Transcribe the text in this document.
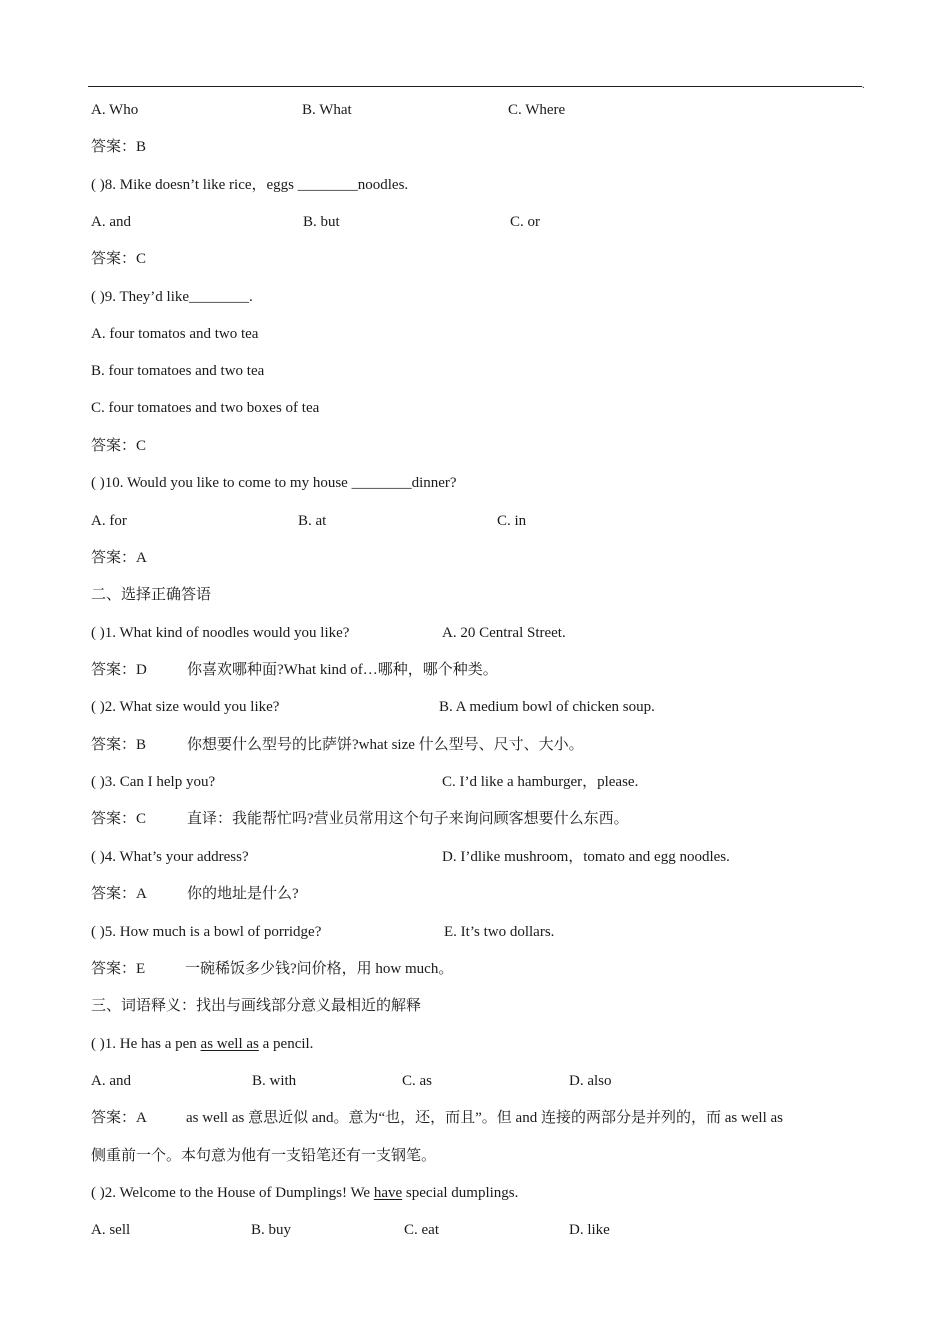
.
A. Who	B. What	C. Where
答案：B
( )8. Mike doesn’t like rice，eggs ________noodles.
A. and	B. but	C. or
答案：C
( )9. They’d like________.
A. four tomatos and two tea
B. four tomatoes and two tea
C. four tomatoes and two boxes of tea
答案：C
( )10. Would you like to come to my house ________dinner?
A. for	B. at	C. in
答案：A
二、选择正确答语
( )1. What kind of noodles would you like?	A. 20 Central Street.
答案：D	你喜欢哪种面?What kind of…哪种，哪个种类。
( )2. What size would you like?	B. A medium bowl of chicken soup.
答案：B	你想要什么型号的比萨饼?what size 什么型号、尺寸、大小。
( )3. Can I help you?	C. I’d like a hamburger，please.
答案：C	直译：我能帮忙吗?营业员常用这个句子来询问顾客想要什么东西。
( )4. What’s your address?	D. I’dlike mushroom，tomato and egg noodles.
答案：A	你的地址是什么?
( )5. How much is a bowl of porridge?	E. It’s two dollars.
答案：E	一碗稀饭多少钱?问价格，用 how much。
三、词语释义：找出与画线部分意义最相近的解释
( )1. He has a pen as well as a pencil.
A. and	B. with	C. as	D. also
答案：A	as well as 意思近似 and。意为“也，还，而且”。但 and 连接的两部分是并列的，而 as well as
侧重前一个。本句意为他有一支铅笔还有一支钢笔。
( )2. Welcome to the House of Dumplings! We have special dumplings.
A. sell	B. buy	C. eat	D. like
